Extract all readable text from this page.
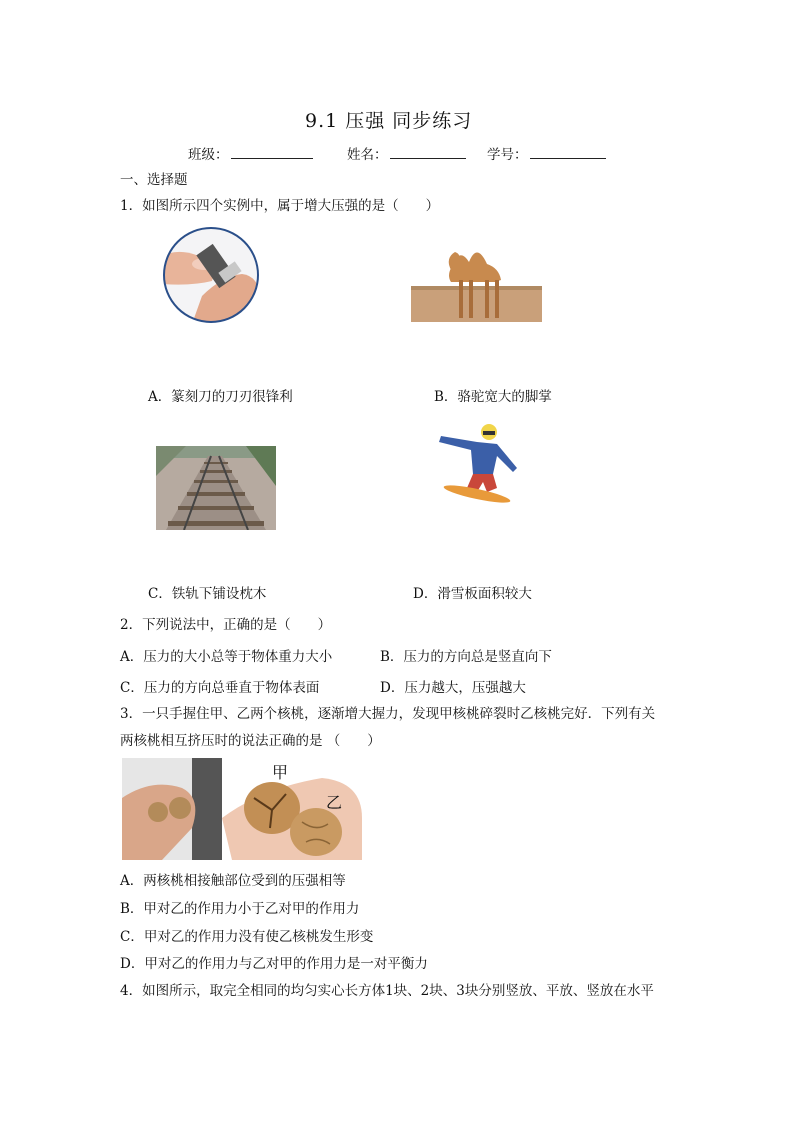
9.1 压强 同步练习
班级：	姓名：	学号：
一、选择题
1．如图所示四个实例中，属于增大压强的是（　　）
A．篆刻刀的刀刃很锋利	B．骆驼宽大的脚掌
C．铁轨下铺设枕木	D．滑雪板面积较大
2．下列说法中，正确的是（　　）
A．压力的大小总等于物体重力大小	B．压力的方向总是竖直向下
C．压力的方向总垂直于物体表面	D．压力越大，压强越大
3．一只手握住甲、乙两个核桃，逐渐增大握力，发现甲核桃碎裂时乙核桃完好．下列有关
两核桃相互挤压时的说法正确的是 （　　）
甲
乙
A．两核桃相接触部位受到的压强相等
B．甲对乙的作用力小于乙对甲的作用力
C．甲对乙的作用力没有使乙核桃发生形变
D．甲对乙的作用力与乙对甲的作用力是一对平衡力
4．如图所示，取完全相同的均匀实心长方体1块、2块、3块分别竖放、平放、竖放在水平
